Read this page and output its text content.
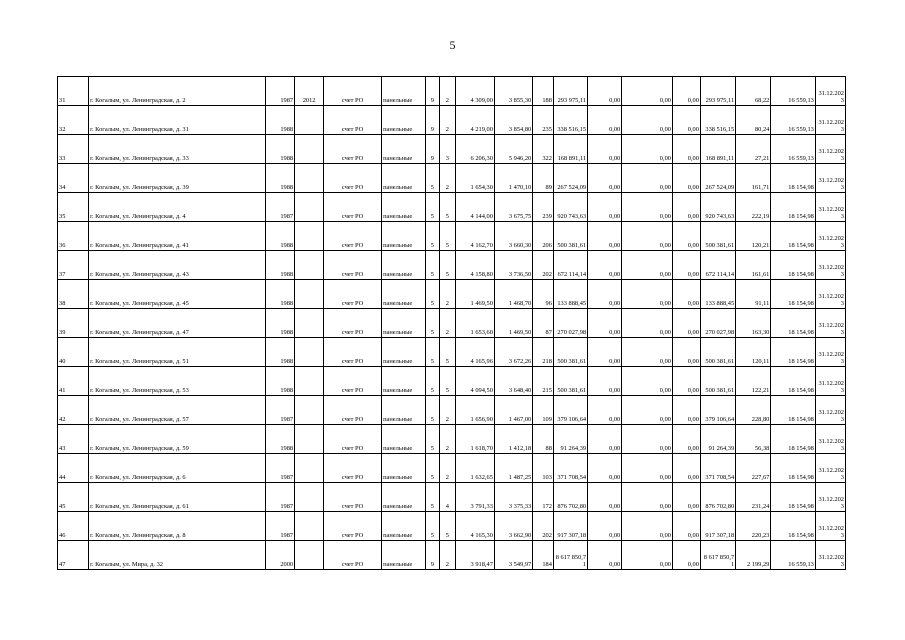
5
31	г. Когалым, ул. Ленинградская, д. 2	1987	2012	счет РО	панельные	9	2	4 309,00	3 855,30	188	293 975,11	0,00	0,00	0,00	293 975,11	68,22	16 559,13	31.12.2023
32	г. Когалым, ул. Ленинградская, д. 31	1988		счет РО	панельные	9	2	4 219,00	3 854,80	235	338 516,15	0,00	0,00	0,00	338 516,15	80,24	16 559,13	31.12.2023
33	г. Когалым, ул. Ленинградская, д. 33	1988		счет РО	панельные	9	3	6 206,30	5 946,20	322	168 891,11	0,00	0,00	0,00	168 891,11	27,21	16 559,13	31.12.2023
34	г. Когалым, ул. Ленинградская, д. 39	1988		счет РО	панельные	5	2	1 654,30	1 470,10	89	267 524,09	0,00	0,00	0,00	267 524,09	161,71	18 154,98	31.12.2023
35	г. Когалым, ул. Ленинградская, д. 4	1987		счет РО	панельные	5	5	4 144,00	3 675,75	239	920 743,63	0,00	0,00	0,00	920 743,63	222,19	18 154,98	31.12.2023
36	г. Когалым, ул. Ленинградская, д. 41	1988		счет РО	панельные	5	5	4 162,70	3 660,30	206	500 381,61	0,00	0,00	0,00	500 381,61	120,21	18 154,98	31.12.2023
37	г. Когалым, ул. Ленинградская, д. 43	1988		счет РО	панельные	5	5	4 158,80	3 736,50	202	672 114,14	0,00	0,00	0,00	672 114,14	161,61	18 154,98	31.12.2023
38	г. Когалым, ул. Ленинградская, д. 45	1988		счет РО	панельные	5	2	1 469,50	1 468,70	96	133 888,45	0,00	0,00	0,00	133 888,45	91,11	18 154,98	31.12.2023
39	г. Когалым, ул. Ленинградская, д. 47	1988		счет РО	панельные	5	2	1 653,60	1 469,50	87	270 027,98	0,00	0,00	0,00	270 027,98	163,30	18 154,98	31.12.2023
40	г. Когалым, ул. Ленинградская, д. 51	1988		счет РО	панельные	5	5	4 165,96	3 672,26	218	500 381,61	0,00	0,00	0,00	500 381,61	120,11	18 154,98	31.12.2023
41	г. Когалым, ул. Ленинградская, д. 53	1988		счет РО	панельные	5	5	4 094,50	3 648,40	215	500 381,61	0,00	0,00	0,00	500 381,61	122,21	18 154,98	31.12.2023
42	г. Когалым, ул. Ленинградская, д. 57	1987		счет РО	панельные	5	2	1 656,90	1 467,00	109	379 106,64	0,00	0,00	0,00	379 106,64	228,80	18 154,98	31.12.2023
43	г. Когалым, ул. Ленинградская, д. 59	1988		счет РО	панельные	5	2	1 618,70	1 412,18	88	91 264,39	0,00	0,00	0,00	91 264,39	56,38	18 154,98	31.12.2023
44	г. Когалым, ул. Ленинградская, д. 6	1987		счет РО	панельные	5	2	1 632,65	1 487,25	103	371 708,54	0,00	0,00	0,00	371 708,54	227,67	18 154,98	31.12.2023
45	г. Когалым, ул. Ленинградская, д. 61	1987		счет РО	панельные	5	4	3 791,33	3 375,33	172	876 702,80	0,00	0,00	0,00	876 702,80	231,24	18 154,98	31.12.2023
46	г. Когалым, ул. Ленинградская, д. 8	1987		счет РО	панельные	5	5	4 165,30	3 662,90	202	917 307,18	0,00	0,00	0,00	917 307,18	220,23	18 154,98	31.12.2023
47	г. Когалым, ул. Мира, д. 32	2000		счет РО	панельные	9	2	3 918,47	3 549,97	184	8 617 850,71	0,00	0,00	0,00	8 617 850,71	2 199,29	16 559,13	31.12.2023
